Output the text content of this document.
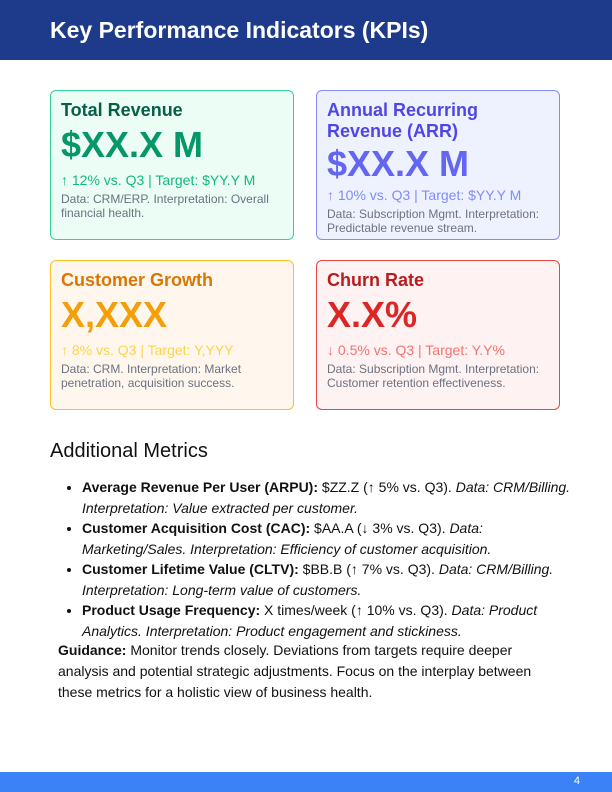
Key Performance Indicators (KPIs)
Total Revenue
$XX.X M
↑ 12% vs. Q3 | Target: $YY.Y M
Data: CRM/ERP. Interpretation: Overall financial health.
Annual Recurring Revenue (ARR)
$XX.X M
↑ 10% vs. Q3 | Target: $YY.Y M
Data: Subscription Mgmt. Interpretation: Predictable revenue stream.
Customer Growth
X,XXX
↑ 8% vs. Q3 | Target: Y,YYY
Data: CRM. Interpretation: Market penetration, acquisition success.
Churn Rate
X.X%
↓ 0.5% vs. Q3 | Target: Y.Y%
Data: Subscription Mgmt. Interpretation: Customer retention effectiveness.
Additional Metrics
• Average Revenue Per User (ARPU): $ZZ.Z (↑ 5% vs. Q3). Data: CRM/Billing. Interpretation: Value extracted per customer.
• Customer Acquisition Cost (CAC): $AA.A (↓ 3% vs. Q3). Data: Marketing/Sales. Interpretation: Efficiency of customer acquisition.
• Customer Lifetime Value (CLTV): $BB.B (↑ 7% vs. Q3). Data: CRM/Billing. Interpretation: Long-term value of customers.
• Product Usage Frequency: X times/week (↑ 10% vs. Q3). Data: Product Analytics. Interpretation: Product engagement and stickiness.
Guidance: Monitor trends closely. Deviations from targets require deeper analysis and potential strategic adjustments. Focus on the interplay between these metrics for a holistic view of business health.
4
